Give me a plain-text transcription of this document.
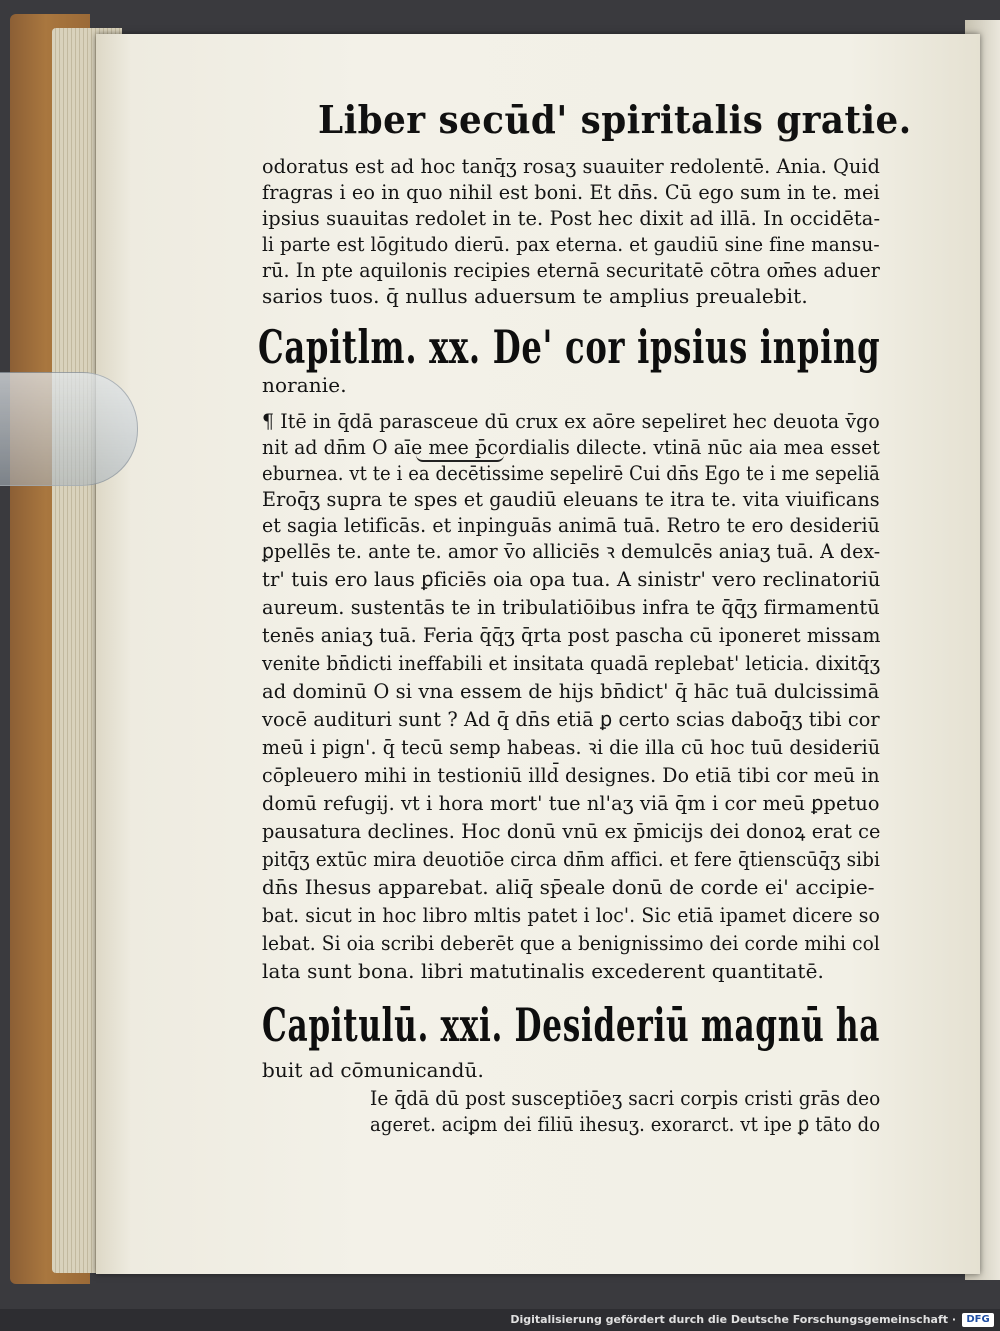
Liber secūd' spiritalis gratie.
odoratus est ad hoc tanq̄ʒ rosaʒ suauiter redolentē. Ania. Quid
fragras i eo in quo nihil est boni. Et dn̄s. Cū ego sum in te. mei
ipsius suauitas redolet in te. Post hec dixit ad illā. In occidēta-
li parte est lōgitudo dierū. pax eterna. et gaudiū sine fine mansu-
rū. In pte aquilonis recipies eternā securitatē cōtra om̄es aduer
sarios tuos. q̄ nullus aduersum te amplius preualebit.
Capitlm. xx. De' cor ipsius inping
noranie.
¶ Itē in q̄dā parasceue dū crux ex aōre sepeliret hec deuota v̄go
nit ad dn̄m O aīe mee p̄cordialis dilecte. vtinā nūc aia mea esset
eburnea. vt te i ea decētissime sepelirē Cui dn̄s Ego te i me sepeliā
Eroq̄ʒ supra te spes et gaudiū eleuans te itra te. vita viuificans
et sagia letificās. et inpinguās animā tuā. Retro te ero desideriū
ꝑpellēs te. ante te. amor v̄o alliciēs ꝛ demulcēs aniaʒ tuā. A dex-
tr' tuis ero laus ꝑficiēs oia opa tua. A sinistr' vero reclinatoriū
aureum. sustentās te in tribulatiōibus infra te q̄q̄ʒ firmamentū
tenēs aniaʒ tuā. Feria q̄q̄ʒ q̄rta post pascha cū iponeret missam
venite bn̄dicti ineffabili et insitata quadā replebat' leticia. dixitq̄ʒ
ad dominū O si vna essem de hijs bn̄dict' q̄ hāc tuā dulcissimā
vocē audituri sunt ? Ad q̄ dn̄s etiā ꝑ certo scias daboq̄ʒ tibi cor
meū i pign'. q̄ tecū semp habeas. ꝛi die illa cū hoc tuū desideriū
cōpleuero mihi in testioniū illd̄ designes. Do etiā tibi cor meū in
domū refugij. vt i hora mort' tue nl'aʒ viā q̄m i cor meū ꝑpetuo
pausatura declines. Hoc donū vnū ex p̄micijs dei donoꝝ erat ce
pitq̄ʒ extūc mira deuotiōe circa dn̄m affici. et fere q̄tienscūq̄ʒ sibi
dn̄s Ihesus apparebat. aliq̄ sp̄eale donū de corde ei' accipie-
bat. sicut in hoc libro mltis patet i loc'. Sic etiā ipamet dicere so
lebat. Si oia scribi deberēt que a benignissimo dei corde mihi col
lata sunt bona. libri matutinalis excederent quantitatē.
Capitulū. xxi. Desideriū magnū ha
buit ad cōmunicandū.
Ie q̄dā dū post susceptiōeʒ sacri corpis cristi grās deo
ageret. aciꝑm dei filiū ihesuʒ. exorarct. vt ipe ꝑ tāto do
Digitalisierung gefördert durch die Deutsche Forschungsgemeinschaft ·	DFG
